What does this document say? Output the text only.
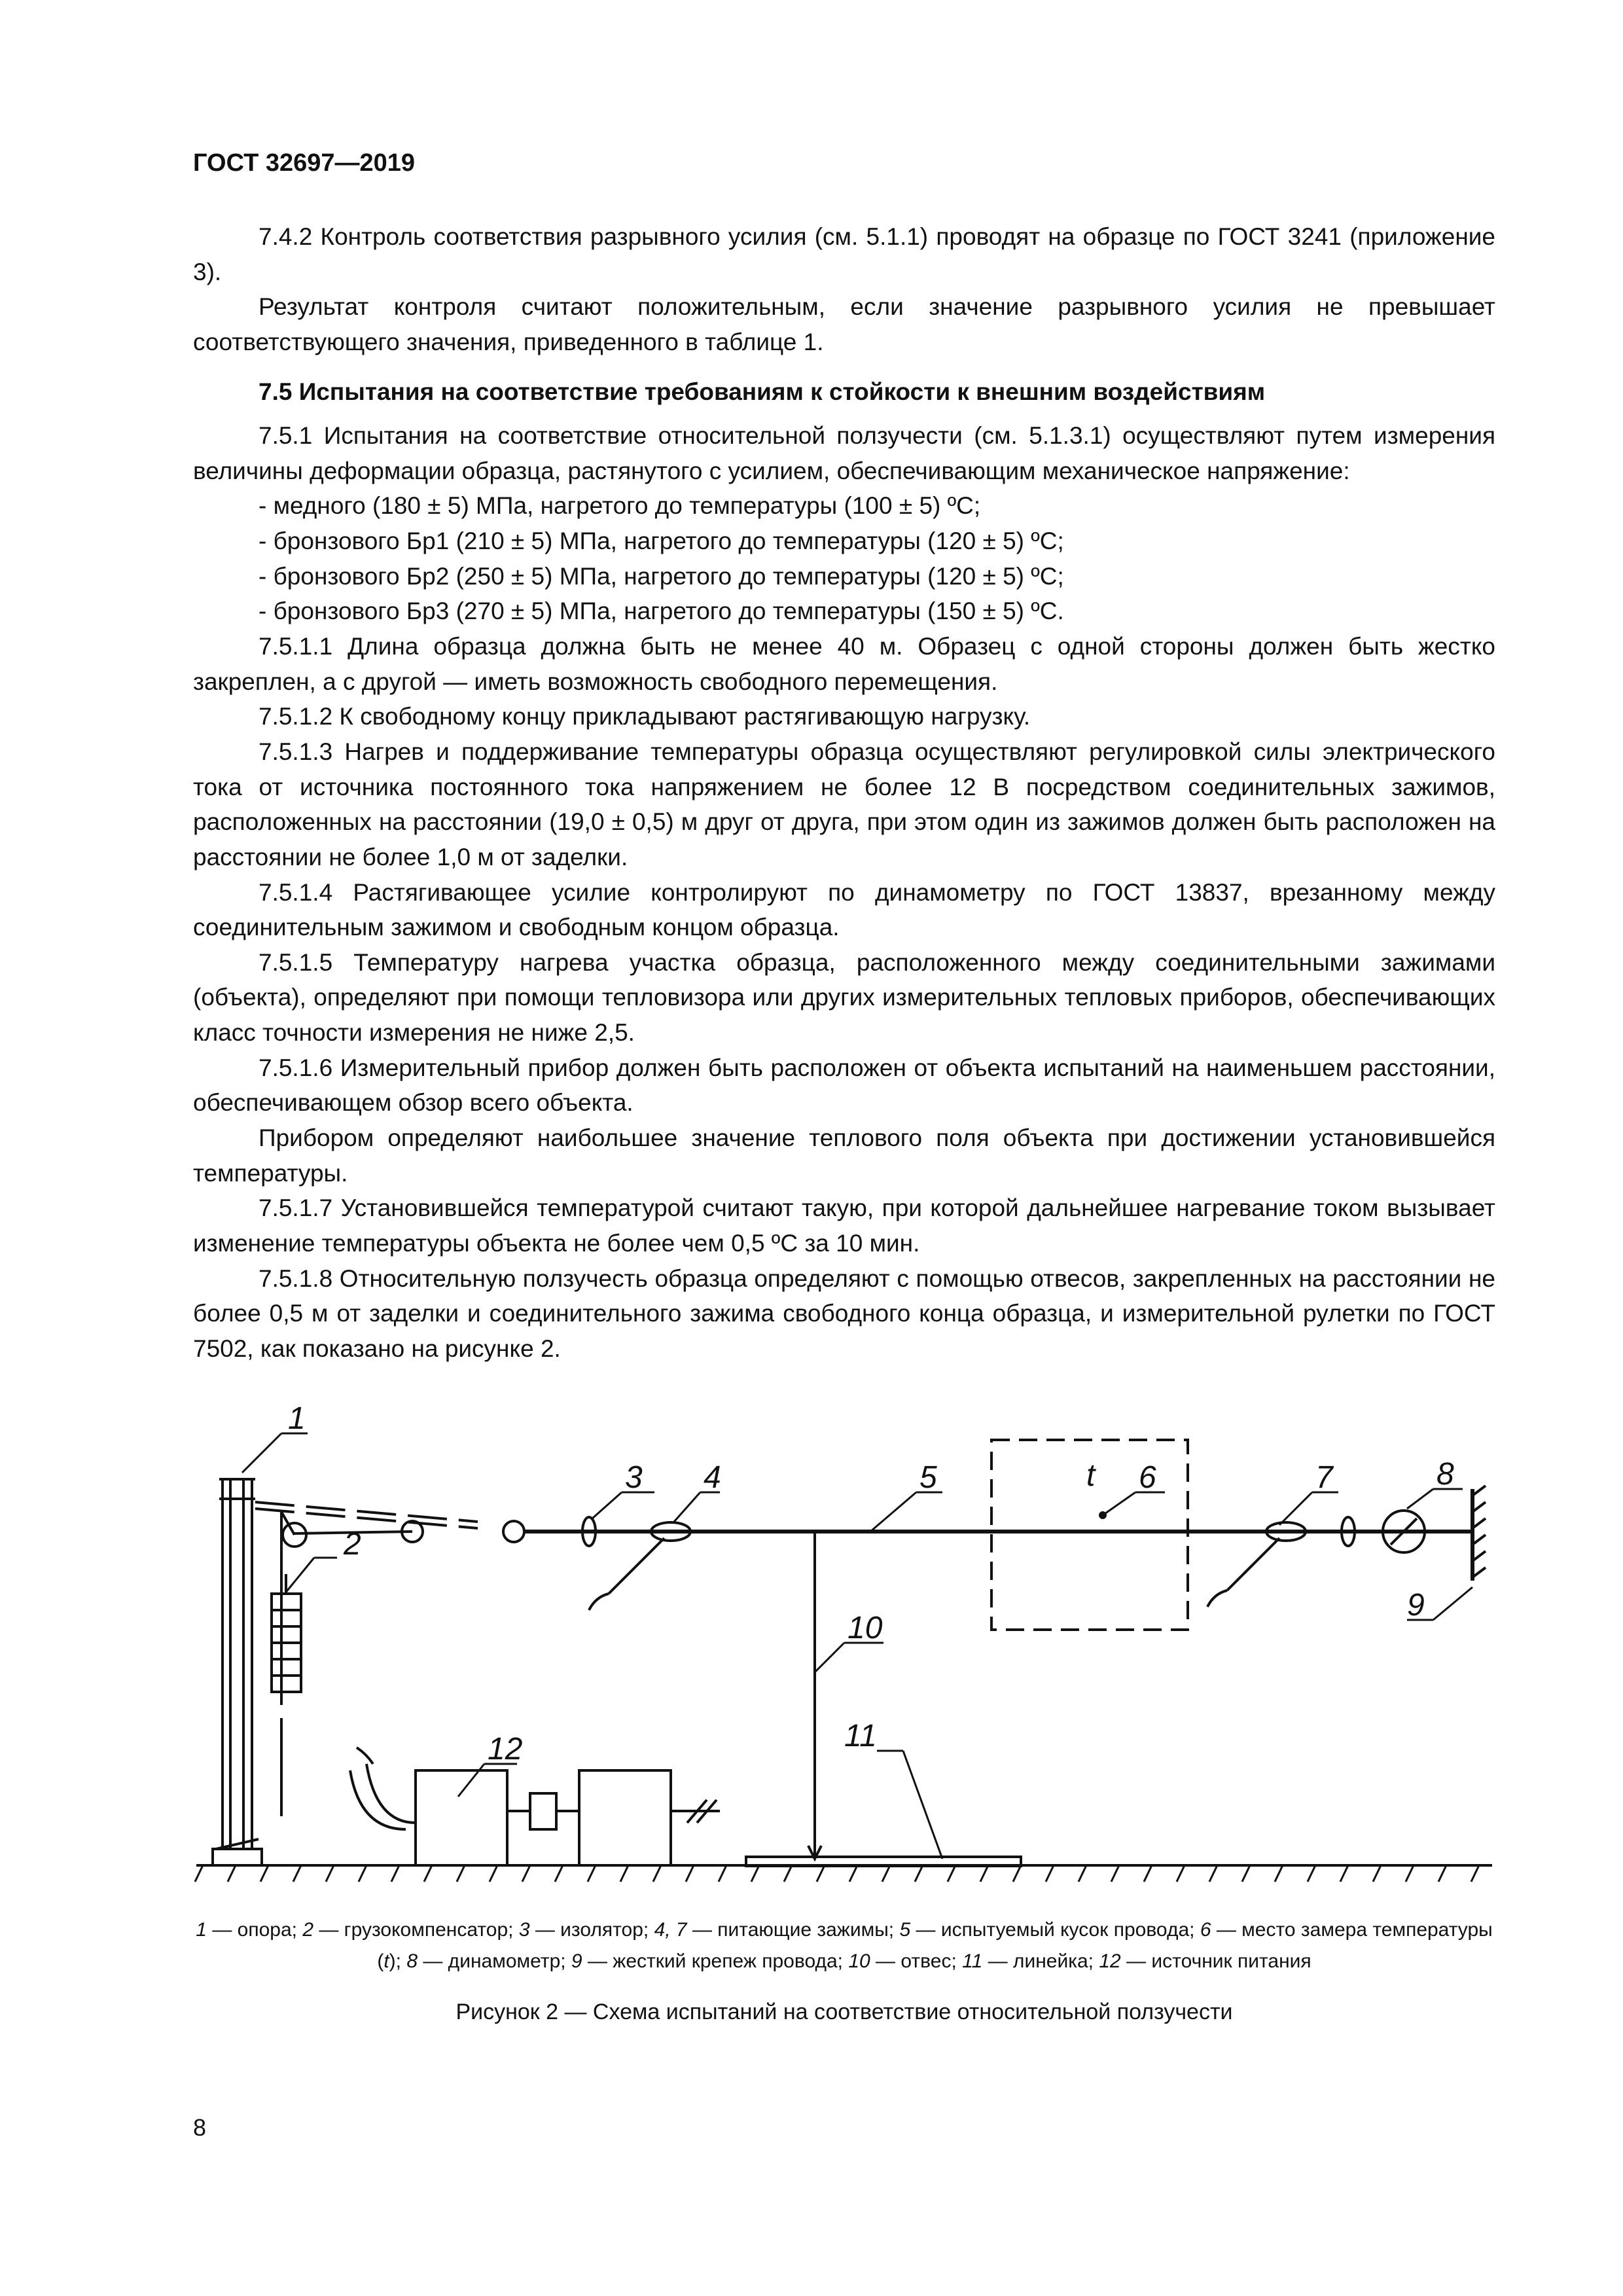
ГОСТ 32697—2019

7.4.2 Контроль соответствия разрывного усилия (см. 5.1.1) проводят на образце по ГОСТ 3241 (приложение 3).

Результат контроля считают положительным, если значение разрывного усилия не превышает соответствующего значения, приведенного в таблице 1.

7.5 Испытания на соответствие требованиям к стойкости к внешним воздействиям

7.5.1 Испытания на соответствие относительной ползучести (см. 5.1.3.1) осуществляют путем измерения величины деформации образца, растянутого с усилием, обеспечивающим механическое напряжение:

- медного (180 ± 5) МПа, нагретого до температуры (100 ± 5) ºС;
- бронзового Бр1 (210 ± 5) МПа, нагретого до температуры (120 ± 5) ºС;
- бронзового Бр2 (250 ± 5) МПа, нагретого до температуры (120 ± 5) ºС;
- бронзового Бр3 (270 ± 5) МПа, нагретого до температуры (150 ± 5) ºС.

7.5.1.1 Длина образца должна быть не менее 40 м. Образец с одной стороны должен быть жестко закреплен, а с другой — иметь возможность свободного перемещения.

7.5.1.2 К свободному концу прикладывают растягивающую нагрузку.

7.5.1.3 Нагрев и поддерживание температуры образца осуществляют регулировкой силы электрического тока от источника постоянного тока напряжением не более 12 В посредством соединительных зажимов, расположенных на расстоянии (19,0 ± 0,5) м друг от друга, при этом один из зажимов должен быть расположен на расстоянии не более 1,0 м от заделки.

7.5.1.4 Растягивающее усилие контролируют по динамометру по ГОСТ 13837, врезанному между соединительным зажимом и свободным концом образца.

7.5.1.5 Температуру нагрева участка образца, расположенного между соединительными зажимами (объекта), определяют при помощи тепловизора или других измерительных тепловых приборов, обеспечивающих класс точности измерения не ниже 2,5.

7.5.1.6 Измерительный прибор должен быть расположен от объекта испытаний на наименьшем расстоянии, обеспечивающем обзор всего объекта.

Прибором определяют наибольшее значение теплового поля объекта при достижении установившейся температуры.

7.5.1.7 Установившейся температурой считают такую, при которой дальнейшее нагревание током вызывает изменение температуры объекта не более чем 0,5 ºС за 10 мин.

7.5.1.8 Относительную ползучесть образца определяют с помощью отвесов, закрепленных на расстоянии не более 0,5 м от заделки и соединительного зажима свободного конца образца, и измерительной рулетки по ГОСТ 7502, как показано на рисунке 2.

1
2
3 4	5	6	7	8
9
10
11
12
t
1 — опора; 2 — грузокомпенсатор; 3 — изолятор; 4, 7 — питающие зажимы; 5 — испытуемый кусок провода; 6 — место замера температуры (t); 8 — динамометр; 9 — жесткий крепеж провода; 10 — отвес; 11 — линейка; 12 — источник питания
Рисунок 2 — Схема испытаний на соответствие относительной ползучести
8
